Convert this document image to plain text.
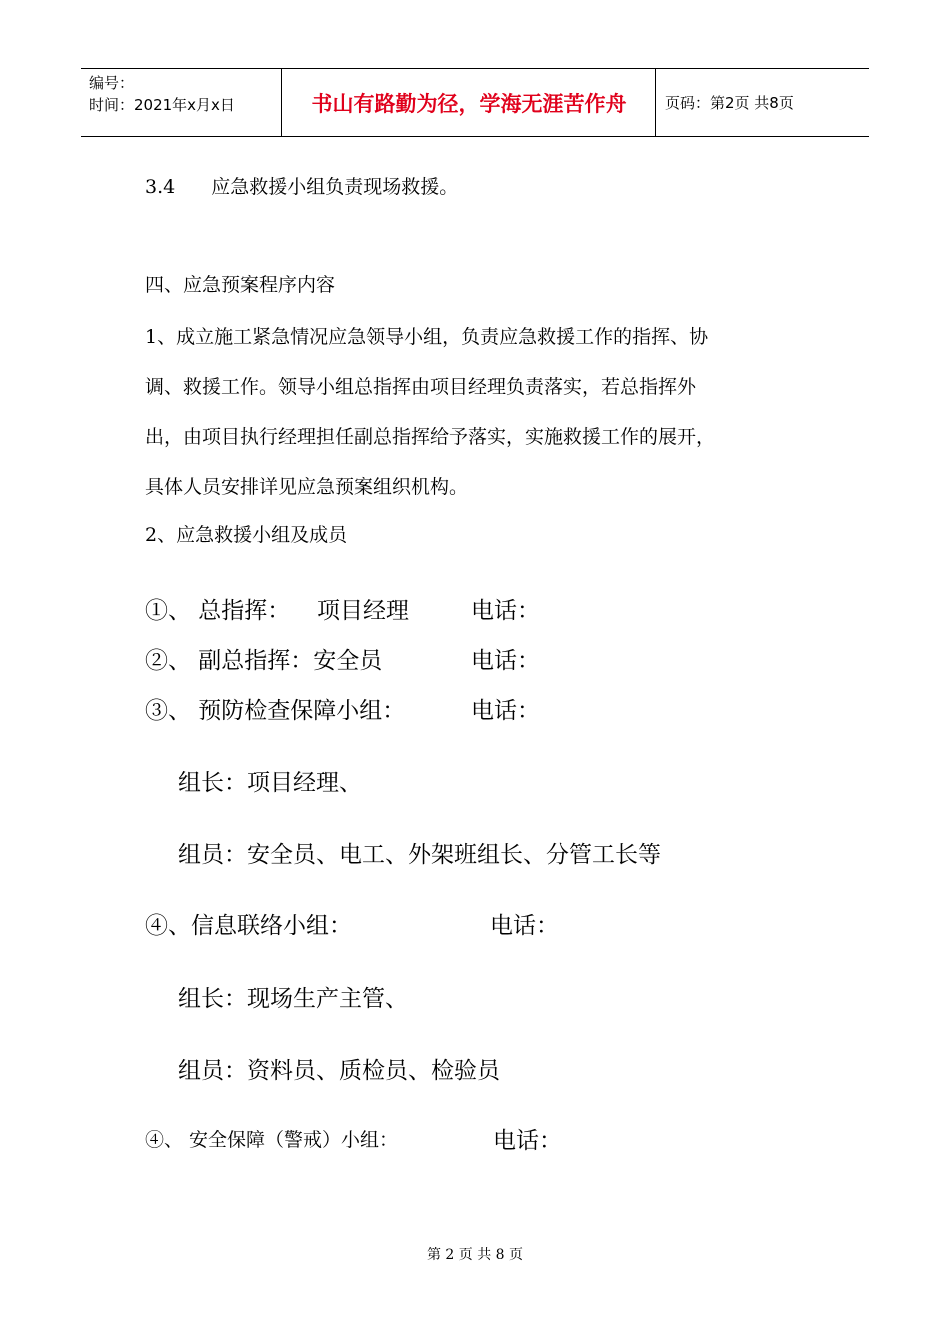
编号：
时间：2021年x月x日	书山有路勤为径，学海无涯苦作舟	页码：第2页 共8页
3.4 应急救援小组负责现场救援。
四、应急预案程序内容
1、成立施工紧急情况应急领导小组，负责应急救援工作的指挥、协
调、救援工作。领导小组总指挥由项目经理负责落实，若总指挥外
出，由项目执行经理担任副总指挥给予落实，实施救援工作的展开，
具体人员安排详见应急预案组织机构。
2、应急救援小组及成员
①、 总指挥： 项目经理	电话：
②、 副总指挥：安全员	电话：
③、 预防检查保障小组：	电话：
组长：项目经理、
组员：安全员、电工、外架班组长、分管工长等
④、信息联络小组：	电话：
组长：现场生产主管、
组员：资料员、质检员、检验员
④、 安全保障（警戒）小组：	电话：
第 2 页 共 8 页
